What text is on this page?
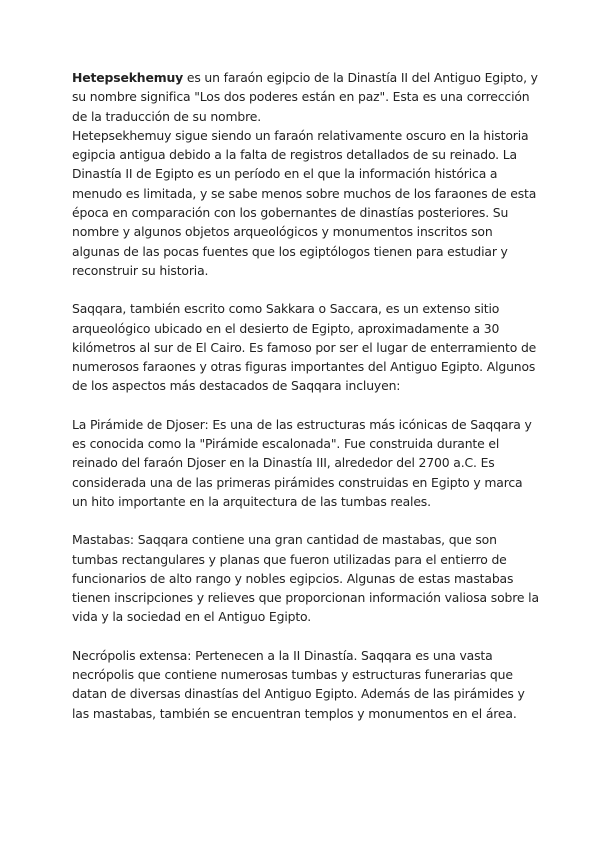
Hetepsekhemuy es un faraón egipcio de la Dinastía II del Antiguo Egipto, y su nombre significa "Los dos poderes están en paz". Esta es una corrección de la traducción de su nombre.

Hetepsekhemuy sigue siendo un faraón relativamente oscuro en la historia egipcia antigua debido a la falta de registros detallados de su reinado. La Dinastía II de Egipto es un período en el que la información histórica a menudo es limitada, y se sabe menos sobre muchos de los faraones de esta época en comparación con los gobernantes de dinastías posteriores. Su nombre y algunos objetos arqueológicos y monumentos inscritos son algunas de las pocas fuentes que los egiptólogos tienen para estudiar y reconstruir su historia.

Saqqara, también escrito como Sakkara o Saccara, es un extenso sitio arqueológico ubicado en el desierto de Egipto, aproximadamente a 30 kilómetros al sur de El Cairo. Es famoso por ser el lugar de enterramiento de numerosos faraones y otras figuras importantes del Antiguo Egipto. Algunos de los aspectos más destacados de Saqqara incluyen:

La Pirámide de Djoser: Es una de las estructuras más icónicas de Saqqara y es conocida como la "Pirámide escalonada". Fue construida durante el reinado del faraón Djoser en la Dinastía III, alrededor del 2700 a.C. Es considerada una de las primeras pirámides construidas en Egipto y marca un hito importante en la arquitectura de las tumbas reales.

Mastabas: Saqqara contiene una gran cantidad de mastabas, que son tumbas rectangulares y planas que fueron utilizadas para el entierro de funcionarios de alto rango y nobles egipcios. Algunas de estas mastabas tienen inscripciones y relieves que proporcionan información valiosa sobre la vida y la sociedad en el Antiguo Egipto.

Necrópolis extensa: Pertenecen a la II Dinastía. Saqqara es una vasta necrópolis que contiene numerosas tumbas y estructuras funerarias que datan de diversas dinastías del Antiguo Egipto. Además de las pirámides y las mastabas, también se encuentran templos y monumentos en el área.
